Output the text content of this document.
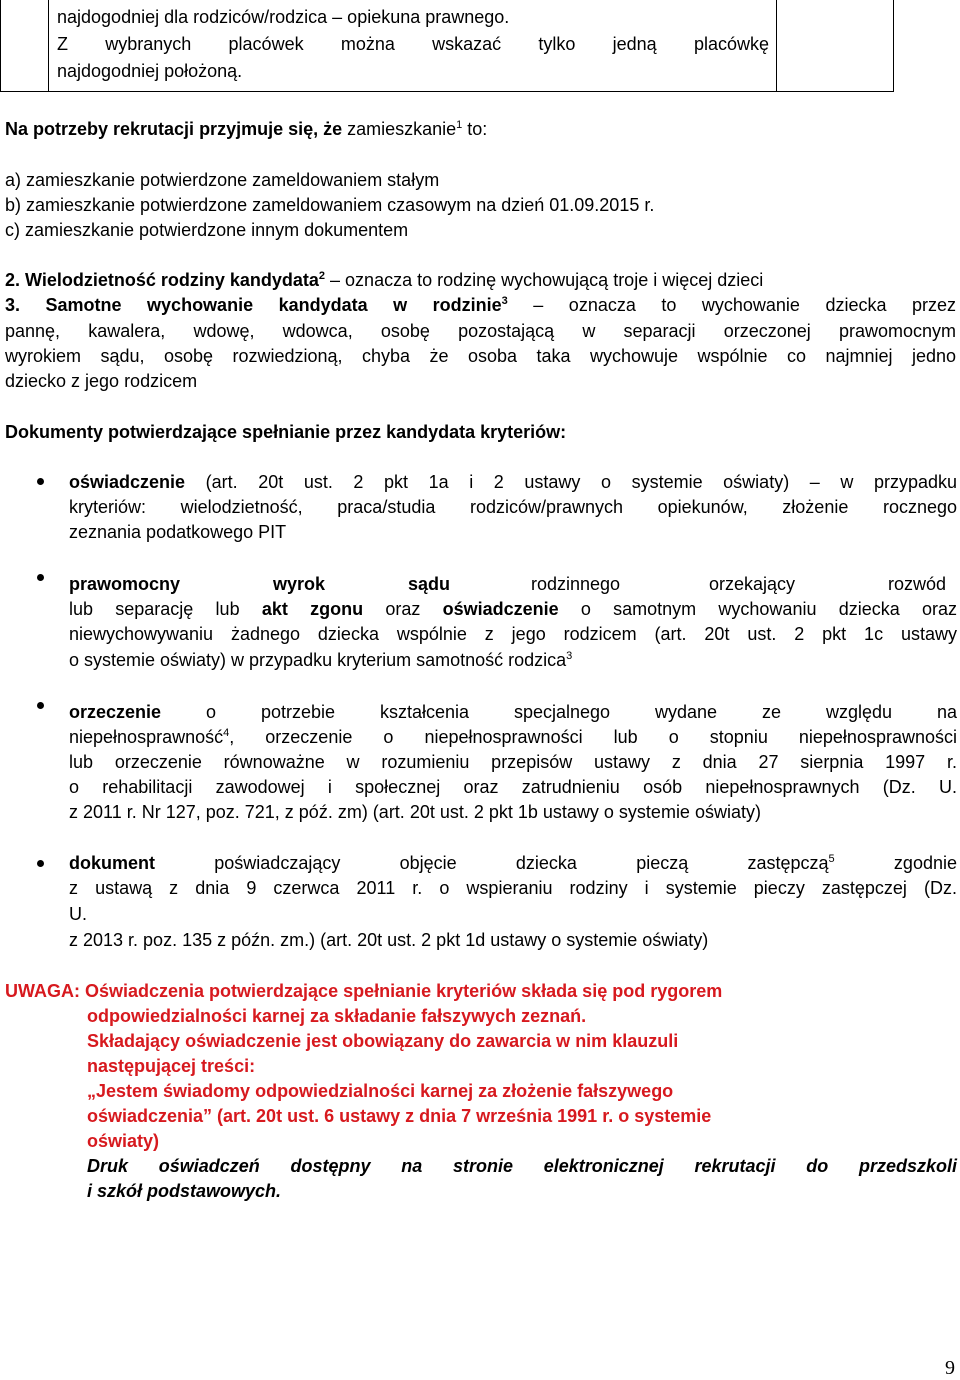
najdogodniej dla rodziców/rodzica – opiekuna prawnego.
Z wybranych placówek można wskazać tylko jedną placówkę
najdogodniej położoną.
Na potrzeby rekrutacji przyjmuje się, że zamieszkanie$^1$ to:
a) zamieszkanie potwierdzone zameldowaniem stałym
b) zamieszkanie potwierdzone zameldowaniem czasowym na dzień 01.09.2015 r.
c) zamieszkanie potwierdzone innym dokumentem
2. Wielodzietność rodziny kandydata$^2$ – oznacza to rodzinę wychowującą troje i więcej dzieci
3. Samotne wychowanie kandydata w rodzinie$^3$ – oznacza to wychowanie dziecka przez
pannę, kawalera, wdowę, wdowca, osobę pozostającą w separacji orzeczonej prawomocnym
wyrokiem sądu, osobę rozwiedzioną, chyba że osoba taka wychowuje wspólnie co najmniej jedno
dziecko z jego rodzicem
Dokumenty potwierdzające spełnianie przez kandydata kryteriów:
oświadczenie (art. 20t ust. 2 pkt 1a i 2 ustawy o systemie oświaty) – w przypadku
kryteriów: wielodzietność, praca/studia rodziców/prawnych opiekunów, złożenie rocznego
zeznania podatkowego PIT
prawomocny	wyrok	sądu	rodzinnego	orzekający	rozwód
lub separację lub akt zgonu oraz oświadczenie o samotnym wychowaniu dziecka oraz
niewychowywaniu żadnego dziecka wspólnie z jego rodzicem (art. 20t ust. 2 pkt 1c ustawy
o systemie oświaty) w przypadku kryterium samotność rodzica$^3$
orzeczenie o potrzebie kształcenia specjalnego wydane ze względu na
niepełnosprawność$^4$, orzeczenie o niepełnosprawności lub o stopniu niepełnosprawności
lub orzeczenie równoważne w rozumieniu przepisów ustawy z dnia 27 sierpnia 1997 r.
o rehabilitacji zawodowej i społecznej oraz zatrudnieniu osób niepełnosprawnych (Dz. U.
z 2011 r. Nr 127, poz. 721, z póź. zm) (art. 20t ust. 2 pkt 1b ustawy o systemie oświaty)
dokument poświadczający objęcie dziecka pieczą zastępczą$^5$ zgodnie
z ustawą z dnia 9 czerwca 2011 r. o wspieraniu rodziny i systemie pieczy zastępczej (Dz.
U.
z 2013 r. poz. 135 z późn. zm.) (art. 20t ust. 2 pkt 1d ustawy o systemie oświaty)
UWAGA: Oświadczenia potwierdzające spełnianie kryteriów składa się pod rygorem
odpowiedzialności karnej za składanie fałszywych zeznań.
Składający oświadczenie jest obowiązany do zawarcia w nim klauzuli
następującej treści:
„Jestem świadomy odpowiedzialności karnej za złożenie fałszywego
oświadczenia” (art. 20t ust. 6 ustawy z dnia 7 września 1991 r. o systemie
oświaty)
Druk oświadczeń dostępny na stronie elektronicznej rekrutacji do przedszkoli
i szkół podstawowych.
9
